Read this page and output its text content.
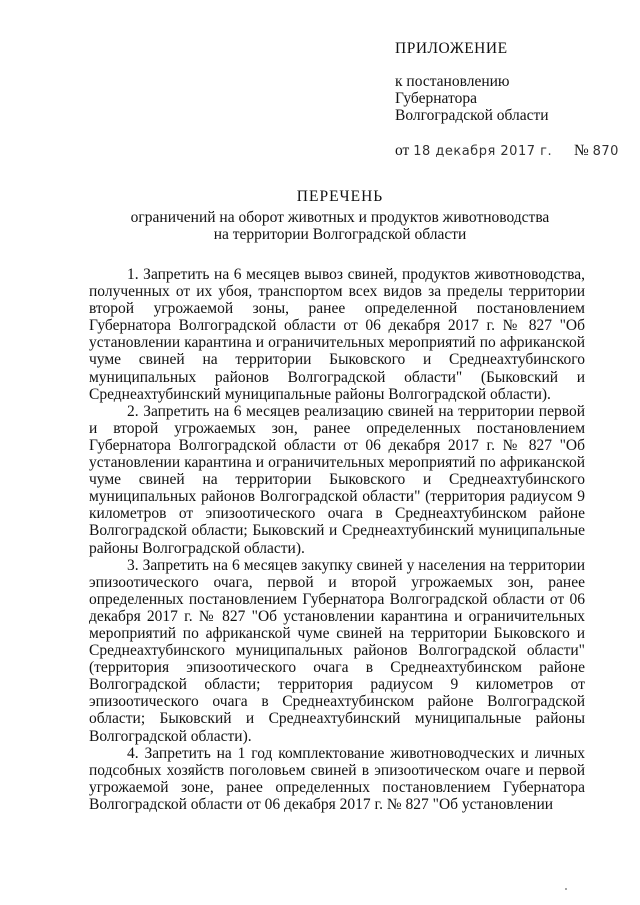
ПРИЛОЖЕНИЕ
к постановлению
Губернатора
Волгоградской области
от 18 декабря 2017 г. № 870
ПЕРЕЧЕНЬ
ограничений на оборот животных и продуктов животноводства
на территории Волгоградской области

1. Запретить на 6 месяцев вывоз свиней, продуктов животноводства, полученных от их убоя, транспортом всех видов за пределы территории второй угрожаемой зоны, ранее определенной постановлением Губернатора Волгоградской области от 06 декабря 2017 г. № 827 "Об установлении карантина и ограничительных мероприятий по африканской чуме свиней на территории Быковского и Среднеахтубинского муниципальных районов Волгоградской области" (Быковский и Среднеахтубинский муниципальные районы Волгоградской области).

2. Запретить на 6 месяцев реализацию свиней на территории первой и второй угрожаемых зон, ранее определенных постановлением Губернатора Волгоградской области от 06 декабря 2017 г. № 827 "Об установлении карантина и ограничительных мероприятий по африканской чуме свиней на территории Быковского и Среднеахтубинского муниципальных районов Волгоградской области" (территория радиусом 9 километров от эпизоотического очага в Среднеахтубинском районе Волгоградской области; Быковский и Среднеахтубинский муниципальные районы Волгоградской области).

3. Запретить на 6 месяцев закупку свиней у населения на территории эпизоотического очага, первой и второй угрожаемых зон, ранее определенных постановлением Губернатора Волгоградской области от 06 декабря 2017 г. № 827 "Об установлении карантина и ограничительных мероприятий по африканской чуме свиней на территории Быковского и Среднеахтубинского муниципальных районов Волгоградской области" (территория эпизоотического очага в Среднеахтубинском районе Волгоградской области; территория радиусом 9 километров от эпизоотического очага в Среднеахтубинском районе Волгоградской области; Быковский и Среднеахтубинский муниципальные районы Волгоградской области).

4. Запретить на 1 год комплектование животноводческих и личных подсобных хозяйств поголовьем свиней в эпизоотическом очаге и первой угрожаемой зоне, ранее определенных постановлением Губернатора Волгоградской области от 06 декабря 2017 г. № 827 "Об установлении
